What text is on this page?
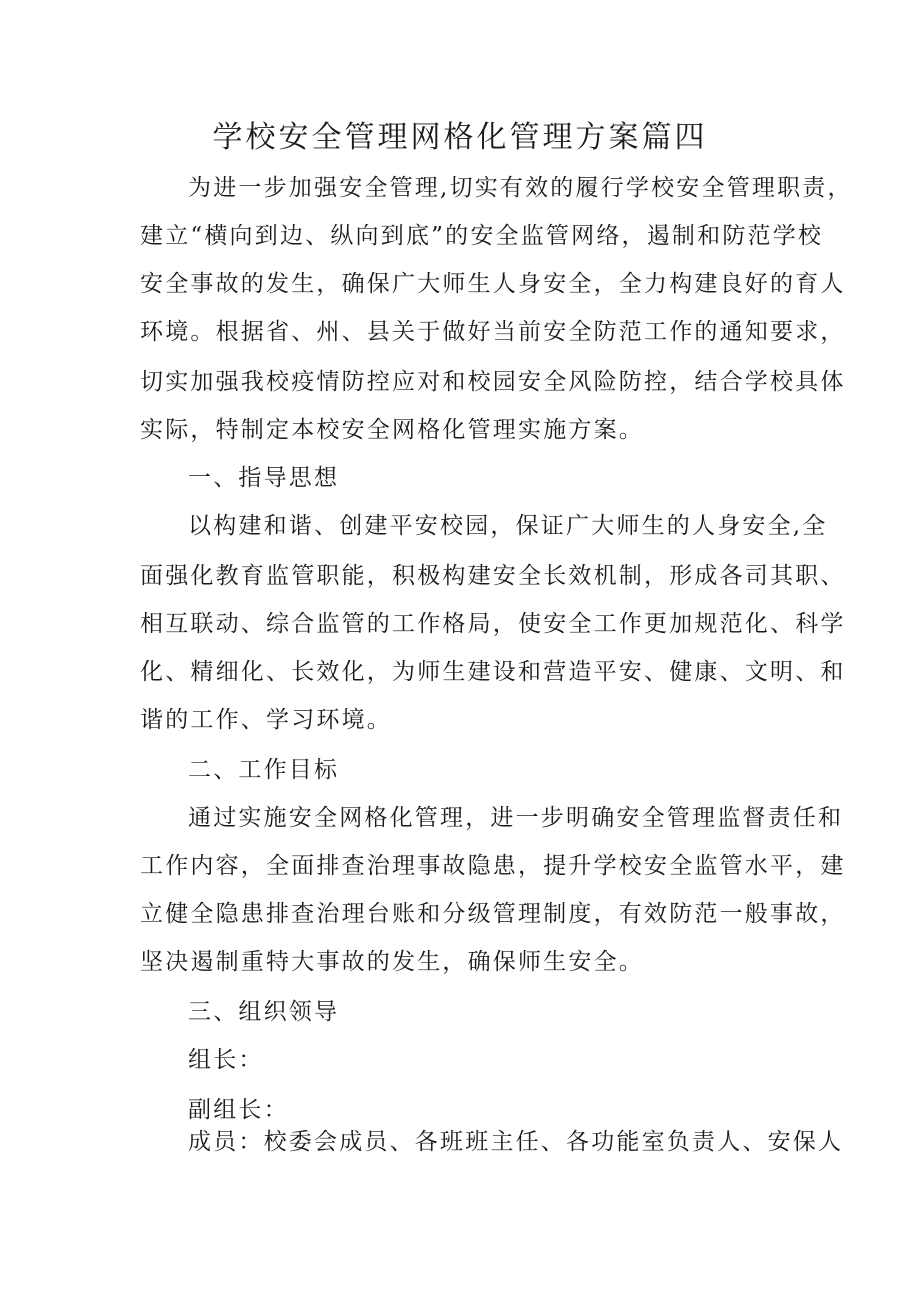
学校安全管理网格化管理方案篇四

为进一步加强安全管理,切实有效的履行学校安全管理职责，

建立“横向到边、纵向到底”的安全监管网络，遏制和防范学校

安全事故的发生，确保广大师生人身安全，全力构建良好的育人

环境。根据省、州、县关于做好当前安全防范工作的通知要求，

切实加强我校疫情防控应对和校园安全风险防控，结合学校具体

实际，特制定本校安全网格化管理实施方案。

一、指导思想

以构建和谐、创建平安校园，保证广大师生的人身安全,全

面强化教育监管职能，积极构建安全长效机制，形成各司其职、

相互联动、综合监管的工作格局，使安全工作更加规范化、科学

化、精细化、长效化，为师生建设和营造平安、健康、文明、和

谐的工作、学习环境。

二、工作目标

通过实施安全网格化管理，进一步明确安全管理监督责任和

工作内容，全面排查治理事故隐患，提升学校安全监管水平，建

立健全隐患排查治理台账和分级管理制度，有效防范一般事故，

坚决遏制重特大事故的发生，确保师生安全。

三、组织领导

组长：

副组长：

成员：校委会成员、各班班主任、各功能室负责人、安保人
